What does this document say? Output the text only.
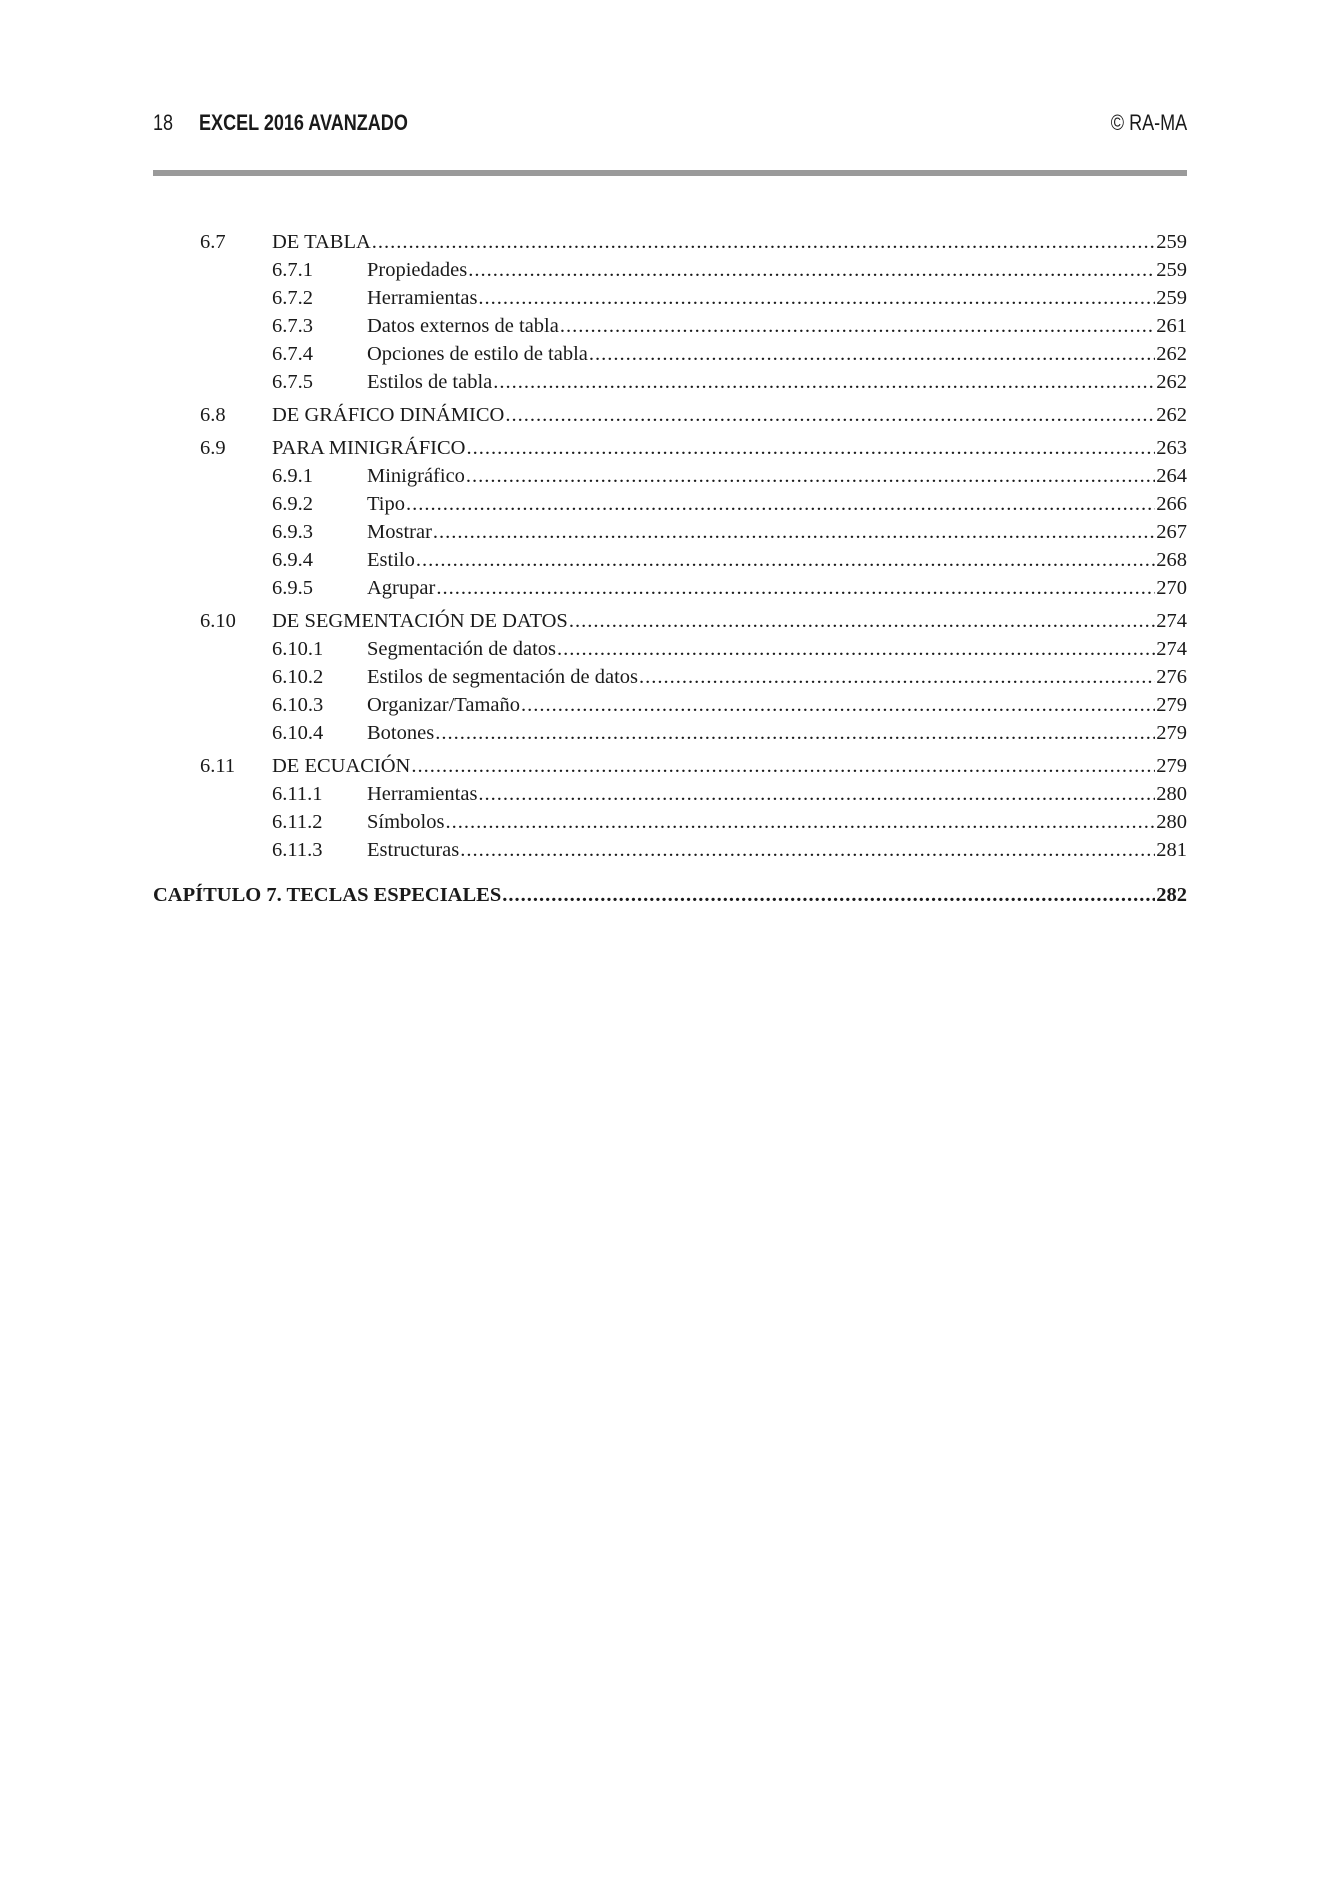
18 EXCEL 2016 AVANZADO	© RA-MA
6.7 DE TABLA .....	259
6.7.1	Propiedades .....	259
6.7.2	Herramientas .....	259
6.7.3	Datos externos de tabla .....	261
6.7.4	Opciones de estilo de tabla .....	262
6.7.5	Estilos de tabla .....	262
6.8 DE GRÁFICO DINÁMICO .....	262
6.9 PARA MINIGRÁFICO .....	263
6.9.1	Minigráfico .....	264
6.9.2	Tipo .....	266
6.9.3	Mostrar .....	267
6.9.4	Estilo .....	268
6.9.5	Agrupar .....	270
6.10 DE SEGMENTACIÓN DE DATOS .....	274
6.10.1 Segmentación de datos .....	274
6.10.2 Estilos de segmentación de datos .....	276
6.10.3 Organizar/Tamaño .....	279
6.10.4 Botones .....	279
6.11 DE ECUACIÓN .....	279
6.11.1 Herramientas .....	280
6.11.2 Símbolos .....	280
6.11.3 Estructuras .....	281
CAPÍTULO 7. TECLAS ESPECIALES .....	282
